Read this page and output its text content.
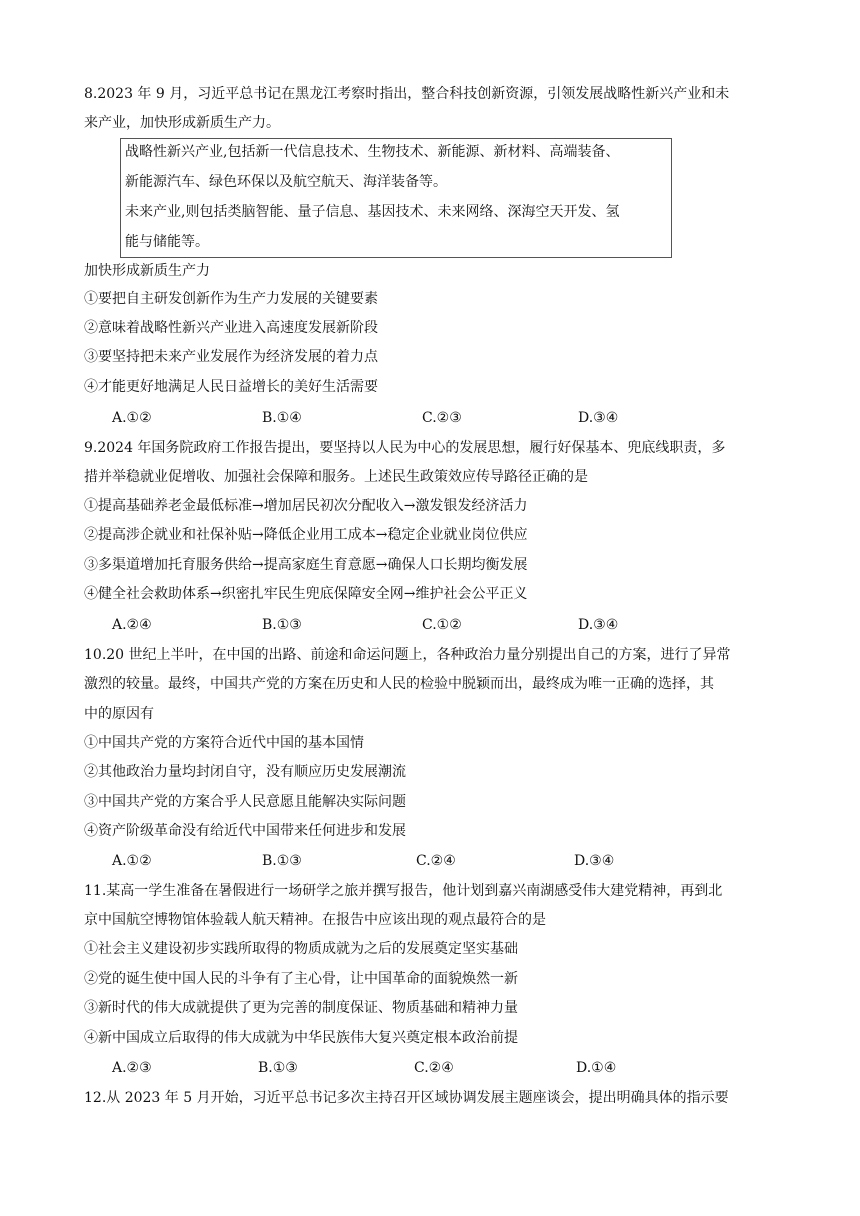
8.2023 年 9 月，习近平总书记在黑龙江考察时指出，整合科技创新资源，引领发展战略性新兴产业和未
来产业，加快形成新质生产力。
战略性新兴产业,包括新一代信息技术、生物技术、新能源、新材料、高端装备、
新能源汽车、绿色环保以及航空航天、海洋装备等。
未来产业,则包括类脑智能、量子信息、基因技术、未来网络、深海空天开发、氢
能与储能等。
加快形成新质生产力
①要把自主研发创新作为生产力发展的关键要素
②意味着战略性新兴产业进入高速度发展新阶段
③要坚持把未来产业发展作为经济发展的着力点
④才能更好地满足人民日益增长的美好生活需要
A.①②	B.①④	C.②③	D.③④
9.2024 年国务院政府工作报告提出，要坚持以人民为中心的发展思想，履行好保基本、兜底线职责，多
措并举稳就业促增收、加强社会保障和服务。上述民生政策效应传导路径正确的是
①提高基础养老金最低标准→增加居民初次分配收入→激发银发经济活力
②提高涉企就业和社保补贴→降低企业用工成本→稳定企业就业岗位供应
③多渠道增加托育服务供给→提高家庭生育意愿→确保人口长期均衡发展
④健全社会救助体系→织密扎牢民生兜底保障安全网→维护社会公平正义
A.②④	B.①③	C.①②	D.③④
10.20 世纪上半叶，在中国的出路、前途和命运问题上，各种政治力量分别提出自己的方案，进行了异常
激烈的较量。最终，中国共产党的方案在历史和人民的检验中脱颖而出，最终成为唯一正确的选择，其
中的原因有
①中国共产党的方案符合近代中国的基本国情
②其他政治力量均封闭自守，没有顺应历史发展潮流
③中国共产党的方案合乎人民意愿且能解决实际问题
④资产阶级革命没有给近代中国带来任何进步和发展
A.①②	B.①③	C.②④	D.③④
11.某高一学生准备在暑假进行一场研学之旅并撰写报告，他计划到嘉兴南湖感受伟大建党精神，再到北
京中国航空博物馆体验载人航天精神。在报告中应该出现的观点最符合的是
①社会主义建设初步实践所取得的物质成就为之后的发展奠定坚实基础
②党的诞生使中国人民的斗争有了主心骨，让中国革命的面貌焕然一新
③新时代的伟大成就提供了更为完善的制度保证、物质基础和精神力量
④新中国成立后取得的伟大成就为中华民族伟大复兴奠定根本政治前提
A.②③	B.①③	C.②④	D.①④
12.从 2023 年 5 月开始，习近平总书记多次主持召开区域协调发展主题座谈会，提出明确具体的指示要
